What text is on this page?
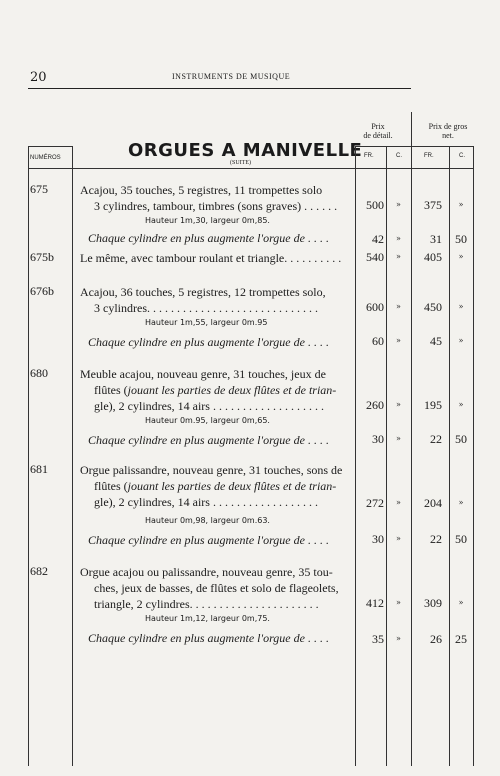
20	INSTRUMENTS DE MUSIQUE
Prix
de détail.
Prix de gros
net.
ORGUES A MANIVELLE
(SUITE)
NUMÉROS	FR.	C.	FR.	C.
675	Acajou, 35 touches, 5 registres, 11 trompettes solo
3 cylindres, tambour, timbres (sons graves) . . . . . .	500	»	375	»
Hauteur 1m,30, largeur 0m,85.
Chaque cylindre en plus augmente l'orgue de . . . .	42	»	31	50
675b	Le même, avec tambour roulant et triangle. . . . . . . . . .	540	»	405	»
676b	Acajou, 36 touches, 5 registres, 12 trompettes solo,
3 cylindres. . . . . . . . . . . . . . . . . . . . . . . . . . . . .	600	»	450	»
Hauteur 1m,55, largeur 0m.95
Chaque cylindre en plus augmente l'orgue de . . . .	60	»	45	»
680	Meuble acajou, nouveau genre, 31 touches, jeux de
flûtes (jouant les parties de deux flûtes et de trian-
gle), 2 cylindres, 14 airs . . . . . . . . . . . . . . . . . . .	260	»	195	»
Hauteur 0m.95, largeur 0m,65.
Chaque cylindre en plus augmente l'orgue de . . . .	30	»	22	50
681	Orgue palissandre, nouveau genre, 31 touches, sons de
flûtes (jouant les parties de deux flûtes et de trian-
gle), 2 cylindres, 14 airs . . . . . . . . . . . . . . . . . .	272	»	204	»
Hauteur 0m,98, largeur 0m.63.
Chaque cylindre en plus augmente l'orgue de . . . .	30	»	22	50
682	Orgue acajou ou palissandre, nouveau genre, 35 tou-
ches, jeux de basses, de flûtes et solo de flageolets,
triangle, 2 cylindres. . . . . . . . . . . . . . . . . . . . . .	412	»	309	»
Hauteur 1m,12, largeur 0m,75.
Chaque cylindre en plus augmente l'orgue de . . . .	35	»	26	25
